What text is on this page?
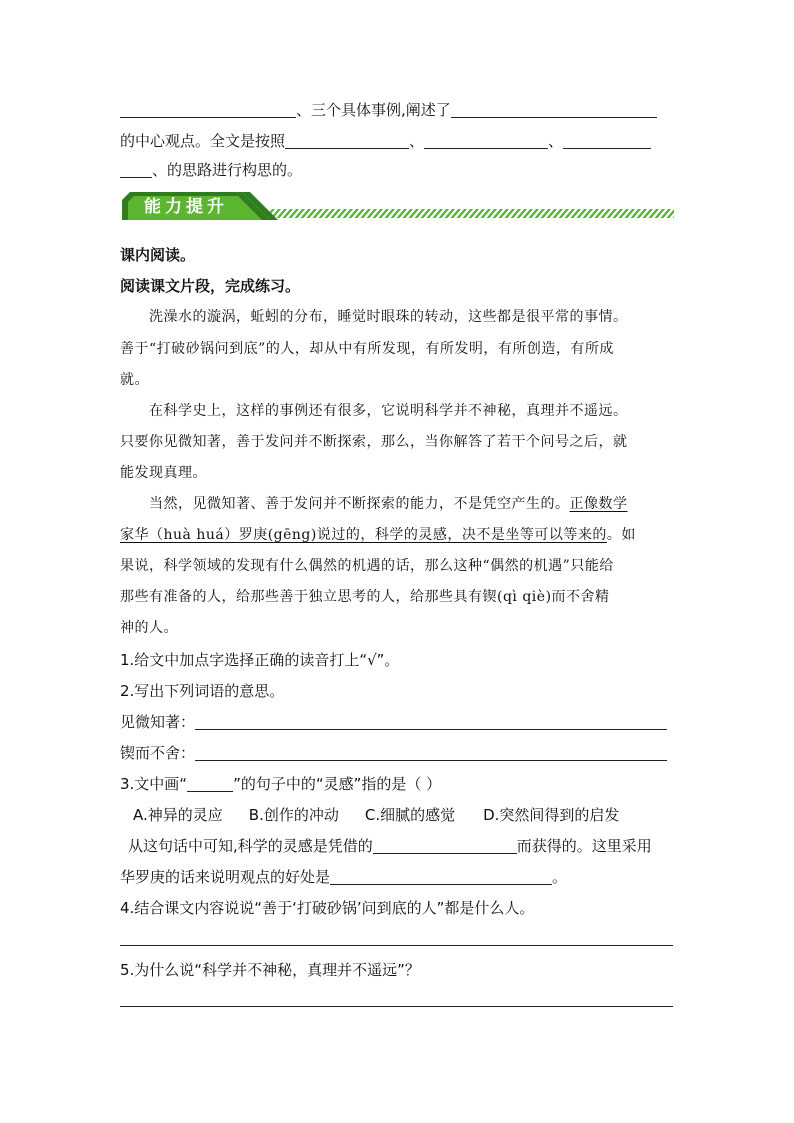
、三个具体事例,阐述了
的中心观点。全文是按照	、	、
、的思路进行构思的。
能力提升
课内阅读。
阅读课文片段，完成练习。
洗澡水的漩涡，蚯蚓的分布，睡觉时眼珠的转动，这些都是很平常的事情。
善于“打破砂锅问到底”的人，却从中有所发现，有所发明，有所创造，有所成
就。
在科学史上，这样的事例还有很多，它说明科学并不神秘，真理并不遥远。
只要你见微知著，善于发问并不断探索，那么，当你解答了若干个问号之后，就
能发现真理。
当然，见微知著、善于发问并不断探索的能力，不是凭空产生的。正像数学
家华（huà huá）罗庚(gēng)说过的，科学的灵感，决不是坐等可以等来的。如
果说，科学领域的发现有什么偶然的机遇的话，那么这种“偶然的机遇”只能给
那些有准备的人，给那些善于独立思考的人，给那些具有锲(qì qiè)而不舍精
神的人。
1.给文中加点字选择正确的读音打上“√”。
2.写出下列词语的意思。
见微知著：
锲而不舍：
3.文中画“	”的句子中的“灵感”指的是（ ）
A.神异的灵应 B.创作的冲动 C.细腻的感觉 D.突然间得到的启发
从这句话中可知,科学的灵感是凭借的	而获得的。这里采用
华罗庚的话来说明观点的好处是	。
4.结合课文内容说说“善于‘打破砂锅’问到底的人”都是什么人。
5.为什么说“科学并不神秘，真理并不遥远”？
